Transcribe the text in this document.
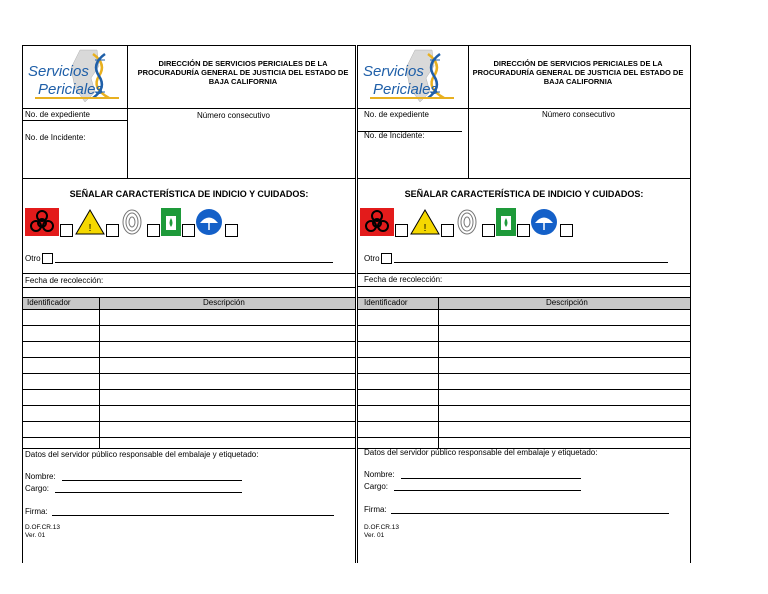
Servicios
Periciales
DIRECCIÓN DE SERVICIOS PERICIALES DE LA PROCURADURÍA GENERAL DE JUSTICIA DEL ESTADO DE BAJA CALIFORNIA
No. de expediente
No. de Incidente:
Número consecutivo
SEÑALAR CARACTERÍSTICA DE INDICIO Y CUIDADOS:
!
Otro
Fecha de recolección:
Identificador	Descripción
Datos del servidor público responsable del embalaje y etiquetado:
Nombre:
Cargo:
Firma:
D.OF.CR.13
Ver. 01
Servicios
Periciales
DIRECCIÓN DE SERVICIOS PERICIALES DE LA PROCURADURÍA GENERAL DE JUSTICIA DEL ESTADO DE BAJA CALIFORNIA
No. de expediente
No. de Incidente:
Número consecutivo
SEÑALAR CARACTERÍSTICA DE INDICIO Y CUIDADOS:
!
Otro
Fecha de recolección:
Identificador	Descripción
Datos del servidor público responsable del embalaje y etiquetado:
Nombre:
Cargo:
Firma:
D.OF.CR.13
Ver. 01
